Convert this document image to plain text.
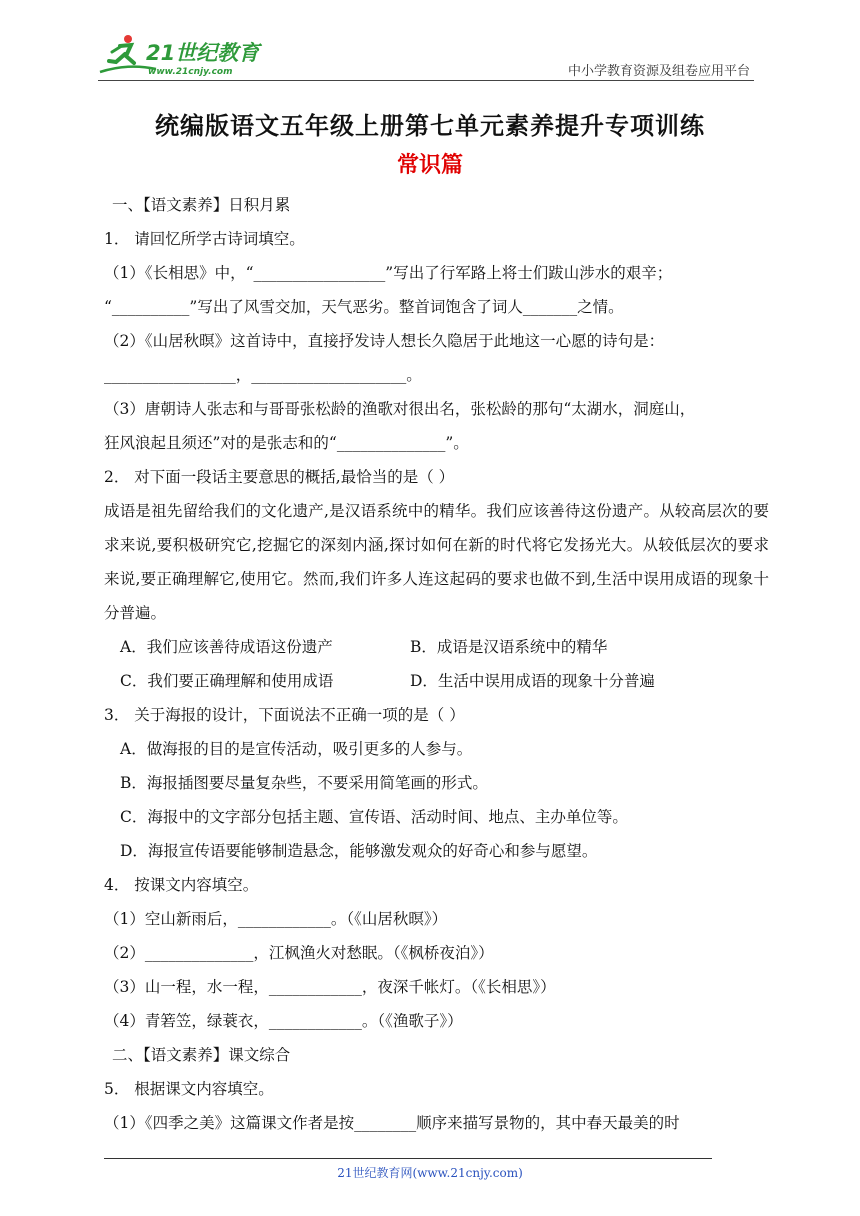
21世纪教育
www.21cnjy.com	中小学教育资源及组卷应用平台
统编版语文五年级上册第七单元素养提升专项训练
常识篇
一、【语文素养】日积月累
1． 请回忆所学古诗词填空。
（1）《长相思》中，“_________________”写出了行军路上将士们跋山涉水的艰辛；
“__________”写出了风雪交加，天气恶劣。整首词饱含了词人_______之情。
（2）《山居秋暝》这首诗中，直接抒发诗人想长久隐居于此地这一心愿的诗句是：
_________________，____________________。
（3）唐朝诗人张志和与哥哥张松龄的渔歌对很出名，张松龄的那句“太湖水，洞庭山，
狂风浪起且须还”对的是张志和的“______________”。
2． 对下面一段话主要意思的概括,最恰当的是（ ）
成语是祖先留给我们的文化遗产,是汉语系统中的精华。我们应该善待这份遗产。从较高层次的要求来说,要积极研究它,挖掘它的深刻内涵,探讨如何在新的时代将它发扬光大。从较低层次的要求来说,要正确理解它,使用它。然而,我们许多人连这起码的要求也做不到,生活中误用成语的现象十分普遍。
A．我们应该善待成语这份遗产	B．成语是汉语系统中的精华
C．我们要正确理解和使用成语	D．生活中误用成语的现象十分普遍
3． 关于海报的设计，下面说法不正确一项的是（ ）
A．做海报的目的是宣传活动，吸引更多的人参与。
B．海报插图要尽量复杂些，不要采用简笔画的形式。
C．海报中的文字部分包括主题、宣传语、活动时间、地点、主办单位等。
D．海报宣传语要能够制造悬念，能够激发观众的好奇心和参与愿望。
4． 按课文内容填空。
（1）空山新雨后，____________。（《山居秋暝》）
（2）______________，江枫渔火对愁眠。（《枫桥夜泊》）
（3）山一程，水一程，____________，夜深千帐灯。（《长相思》）
（4）青箬笠，绿蓑衣，____________。（《渔歌子》）
二、【语文素养】课文综合
5． 根据课文内容填空。
（1）《四季之美》这篇课文作者是按________顺序来描写景物的，其中春天最美的时
21世纪教育网(www.21cnjy.com)
